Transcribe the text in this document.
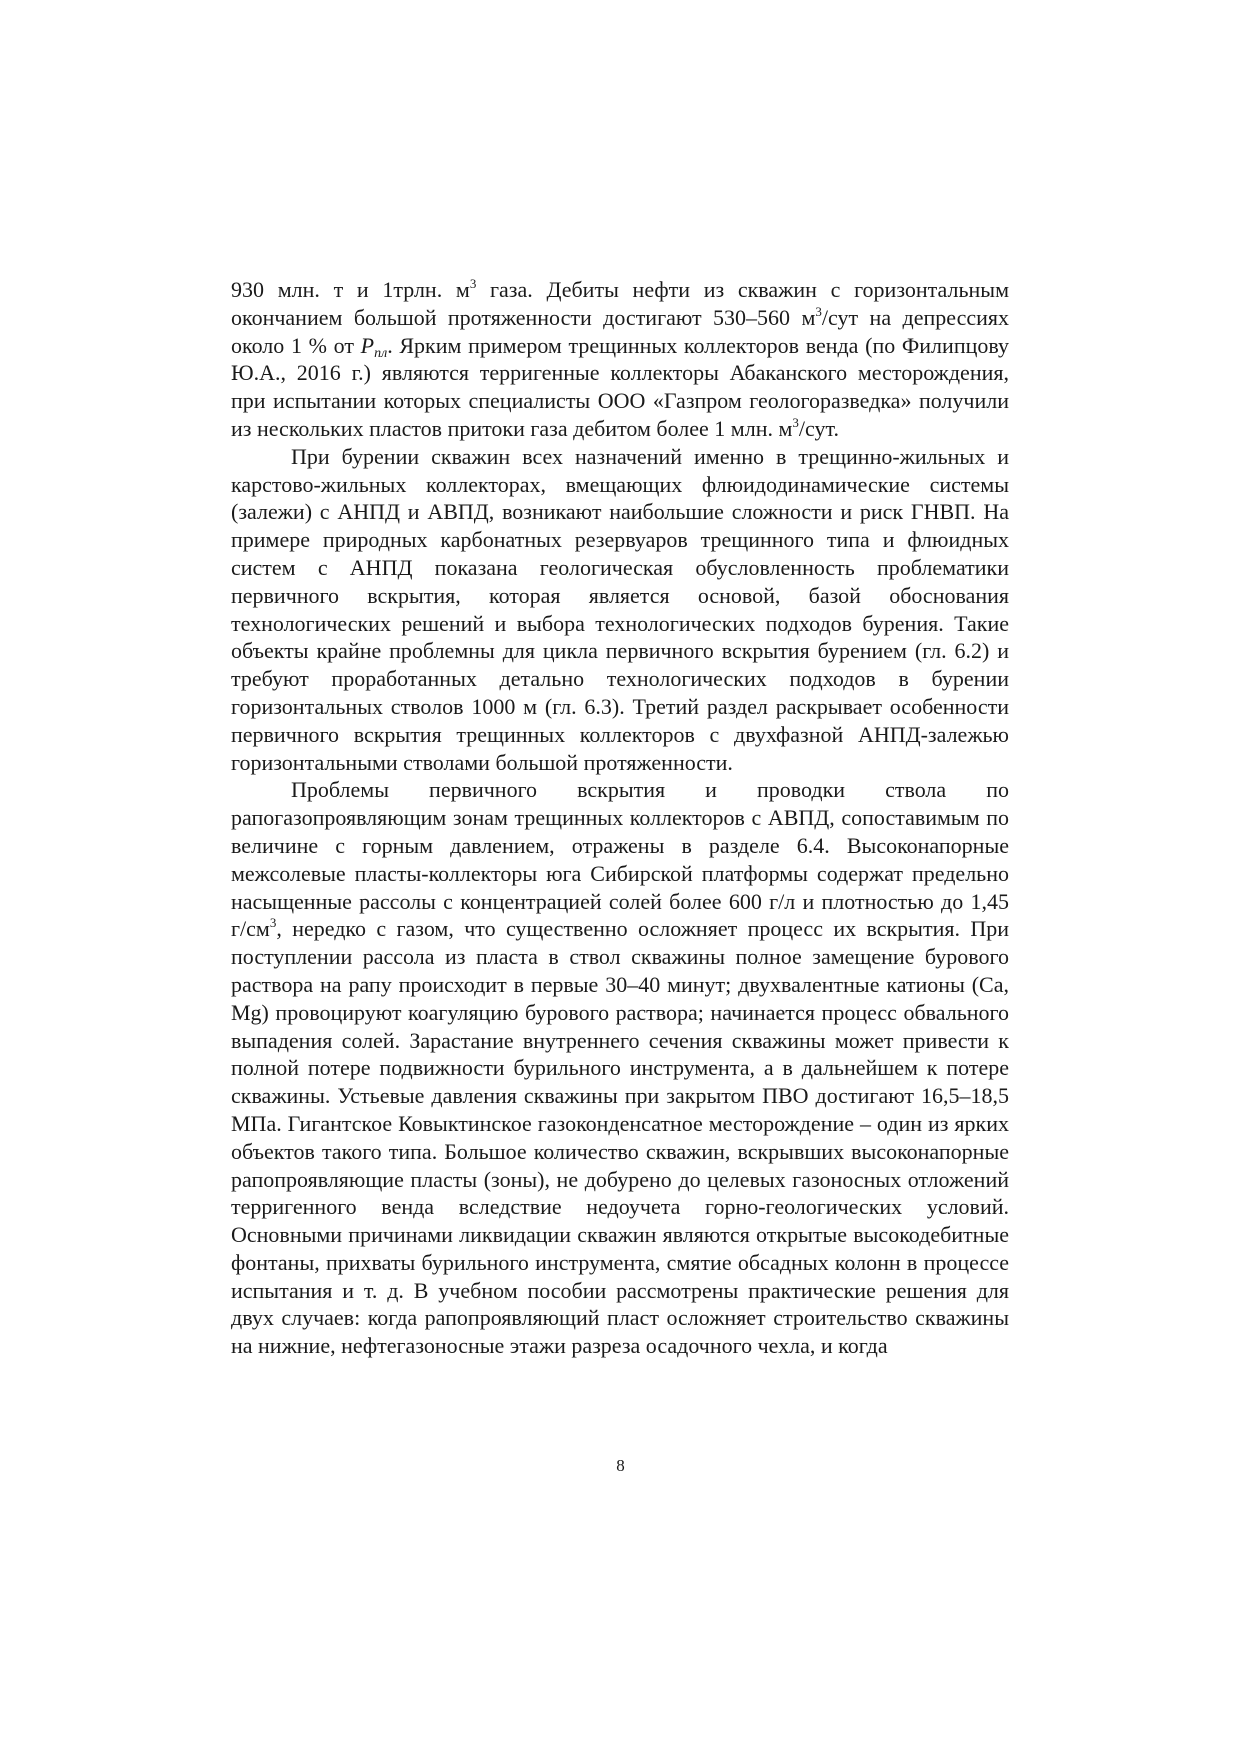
930 млн. т и 1трлн. $м^3$ газа. Дебиты нефти из скважин с горизонтальным окончанием большой протяженности достигают 530–560 $м^3$/сут на депрессиях около 1 % от $P_{пл}$. Ярким примером трещинных коллекторов венда (по Филипцову Ю.А., 2016 г.) являются терригенные коллекторы Абаканского месторождения, при испытании которых специалисты ООО «Газпром геологоразведка» получили из нескольких пластов притоки газа дебитом более 1 млн. $м^3$/сут.

При бурении скважин всех назначений именно в трещинно-жильных и карстово-жильных коллекторах, вмещающих флюидодинамические системы (залежи) с АНПД и АВПД, возникают наибольшие сложности и риск ГНВП. На примере природных карбонатных резервуаров трещинного типа и флюидных систем с АНПД показана геологическая обусловленность проблематики первичного вскрытия, которая является основой, базой обоснования технологических решений и выбора технологических подходов бурения. Такие объекты крайне проблемны для цикла первичного вскрытия бурением (гл. 6.2) и требуют проработанных детально технологических подходов в бурении горизонтальных стволов 1000 м (гл. 6.3). Третий раздел раскрывает особенности первичного вскрытия трещинных коллекторов с двухфазной АНПД-залежью горизонтальными стволами большой протяженности.

Проблемы первичного вскрытия и проводки ствола по рапогазопроявляющим зонам трещинных коллекторов с АВПД, сопоставимым по величине с горным давлением, отражены в разделе 6.4. Высоконапорные межсолевые пласты-коллекторы юга Сибирской платформы содержат предельно насыщенные рассолы с концентрацией солей более 600 г/л и плотностью до 1,45 $г/см^3$, нередко с газом, что существенно осложняет процесс их вскрытия. При поступлении рассола из пласта в ствол скважины полное замещение бурового раствора на рапу происходит в первые 30–40 минут; двухвалентные катионы (Ca, Mg) провоцируют коагуляцию бурового раствора; начинается процесс обвального выпадения солей. Зарастание внутреннего сечения скважины может привести к полной потере подвижности бурильного инструмента, а в дальнейшем к потере скважины. Устьевые давления скважины при закрытом ПВО достигают 16,5–18,5 МПа. Гигантское Ковыктинское газоконденсатное месторождение – один из ярких объектов такого типа. Большое количество скважин, вскрывших высоконапорные рапопроявляющие пласты (зоны), не добурено до целевых газоносных отложений терригенного венда вследствие недоучета горно-геологических условий. Основными причинами ликвидации скважин являются открытые высокодебитные фонтаны, прихваты бурильного инструмента, смятие обсадных колонн в процессе испытания и т. д. В учебном пособии рассмотрены практические решения для двух случаев: когда рапопроявляющий пласт осложняет строительство скважины на нижние, нефтегазоносные этажи разреза осадочного чехла, и когда

8
